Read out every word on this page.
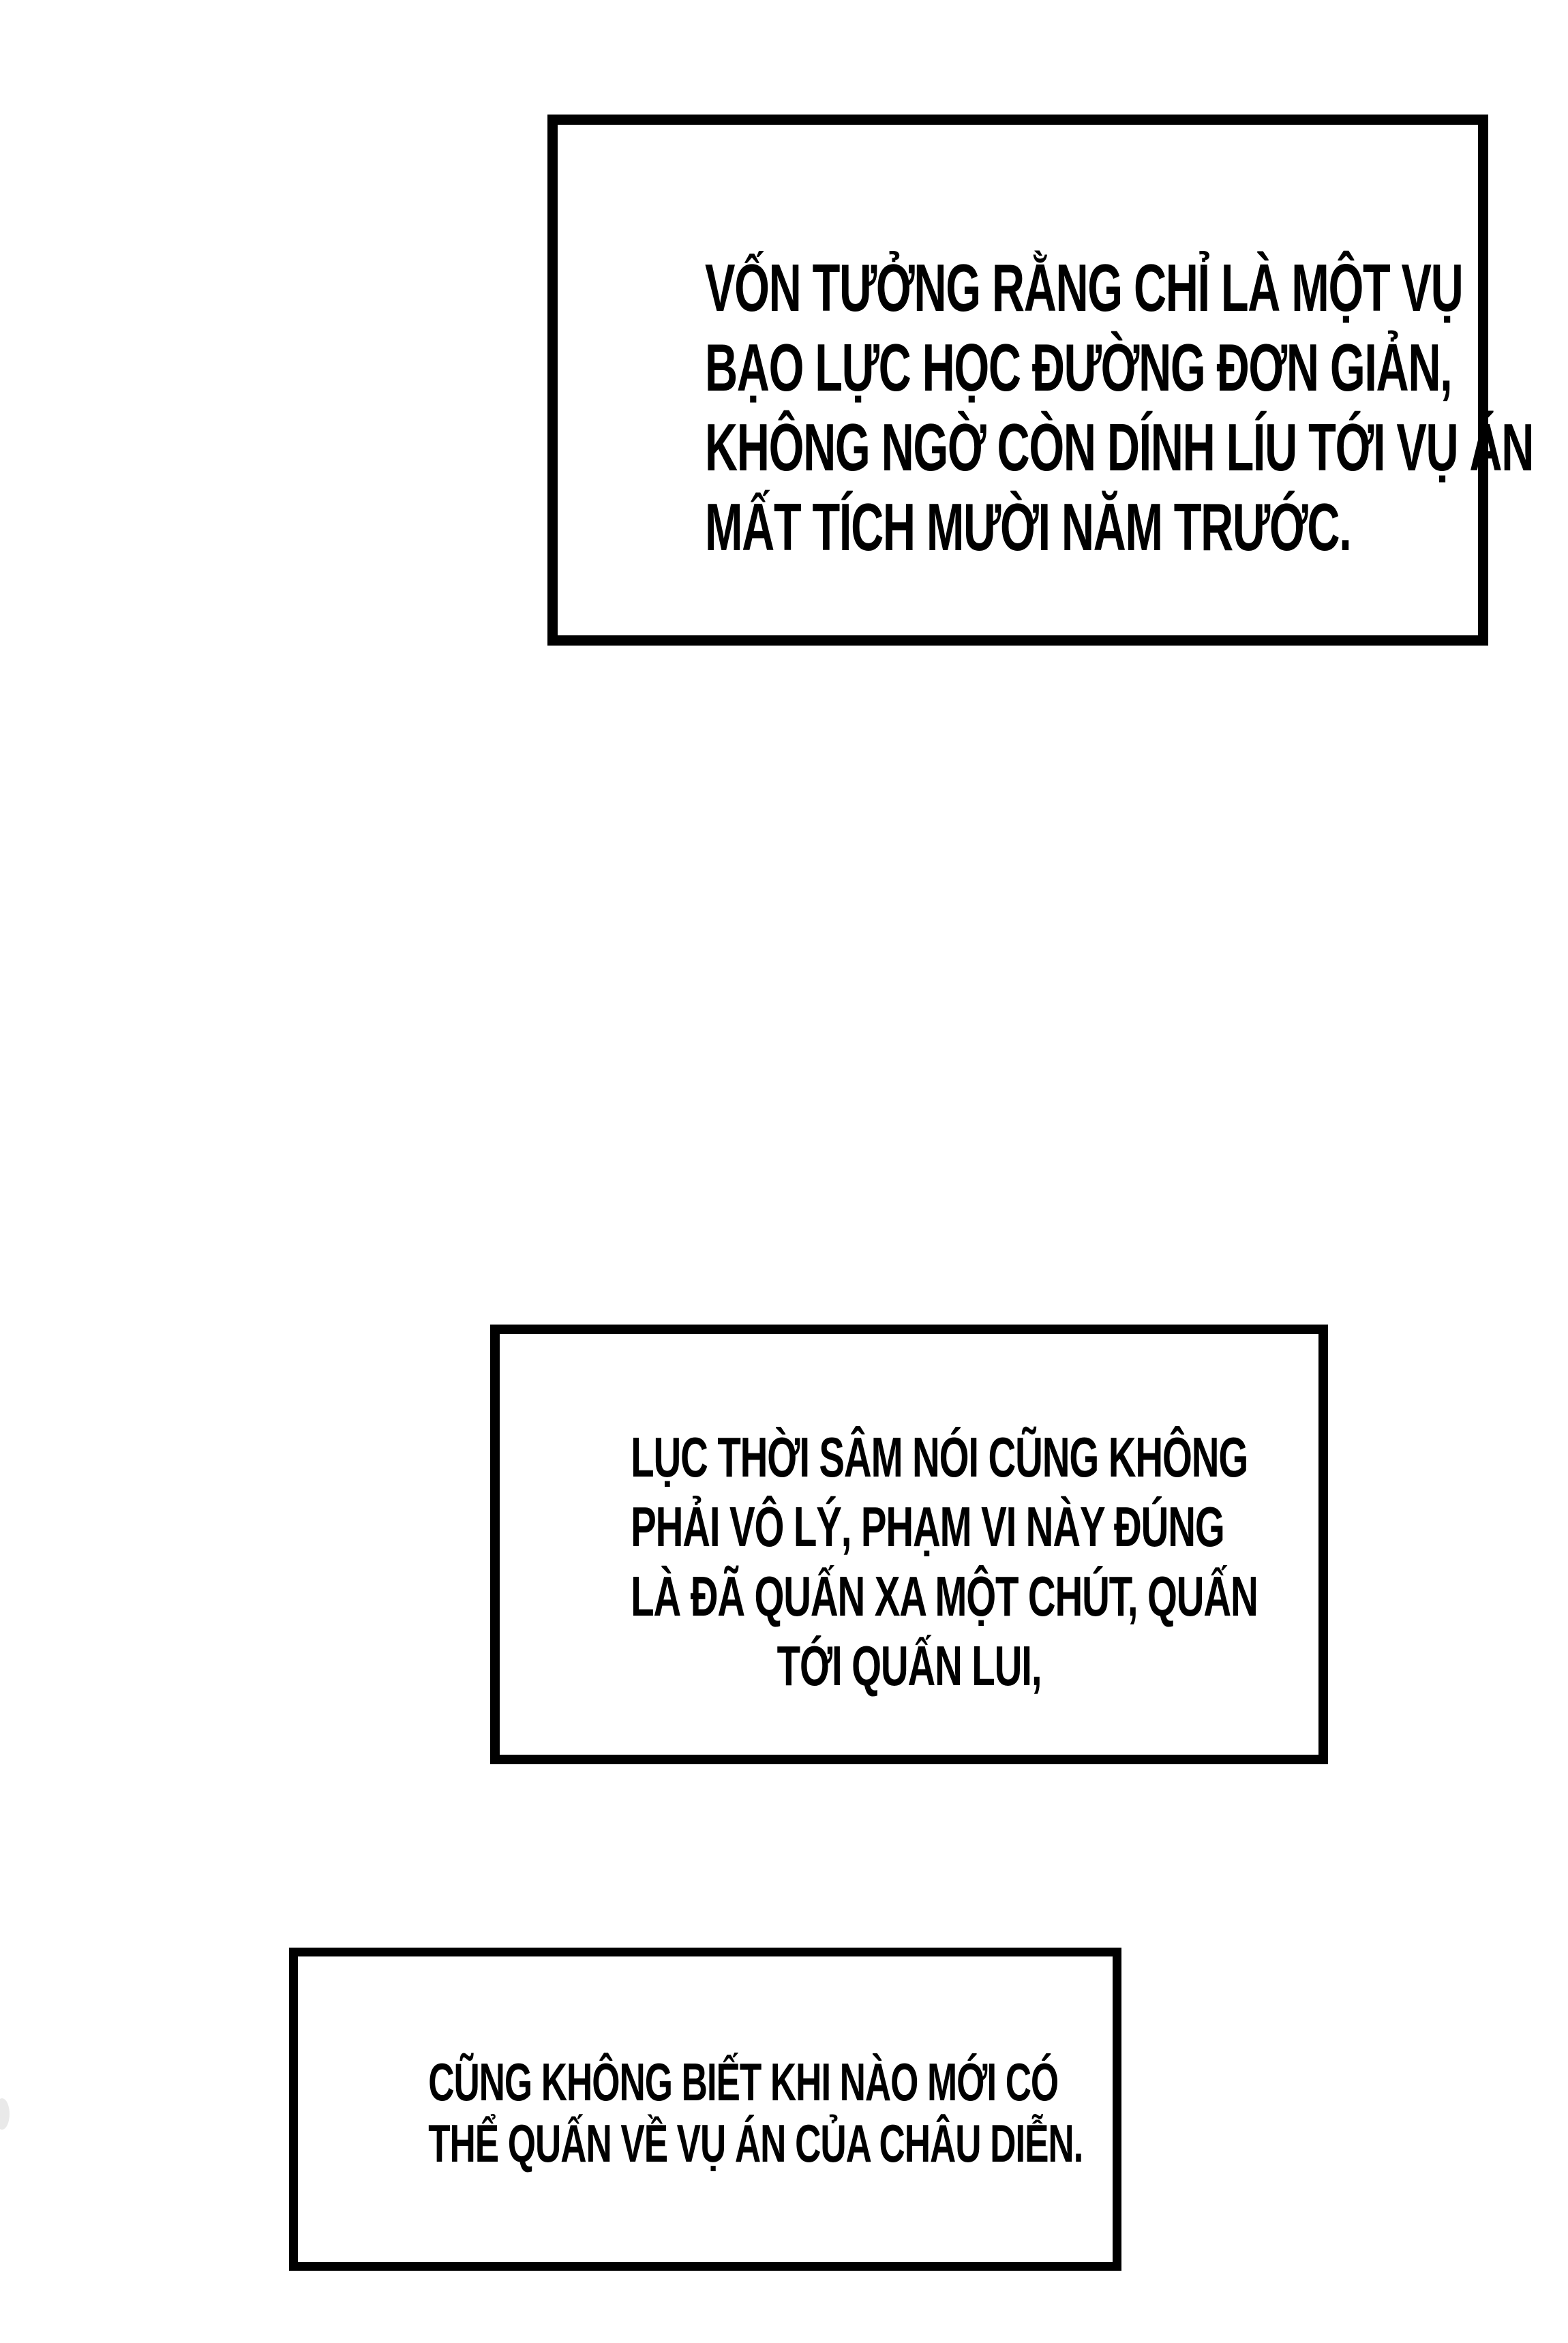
VỐN TƯỞNG RẰNG CHỈ LÀ MỘT VỤ
BẠO LỰC HỌC ĐƯỜNG ĐƠN GIẢN,
KHÔNG NGỜ CÒN DÍNH LÍU TỚI VỤ ÁN
MẤT TÍCH MƯỜI NĂM TRƯỚC.
LỤC THỜI SÂM NÓI CŨNG KHÔNG
PHẢI VÔ LÝ, PHẠM VI NÀY ĐÚNG
LÀ ĐÃ QUẤN XA MỘT CHÚT, QUẤN
TỚI QUẤN LUI,
CŨNG KHÔNG BIẾT KHI NÀO MỚI CÓ
THỂ QUẤN VỀ VỤ ÁN CỦA CHÂU DIỄN.
